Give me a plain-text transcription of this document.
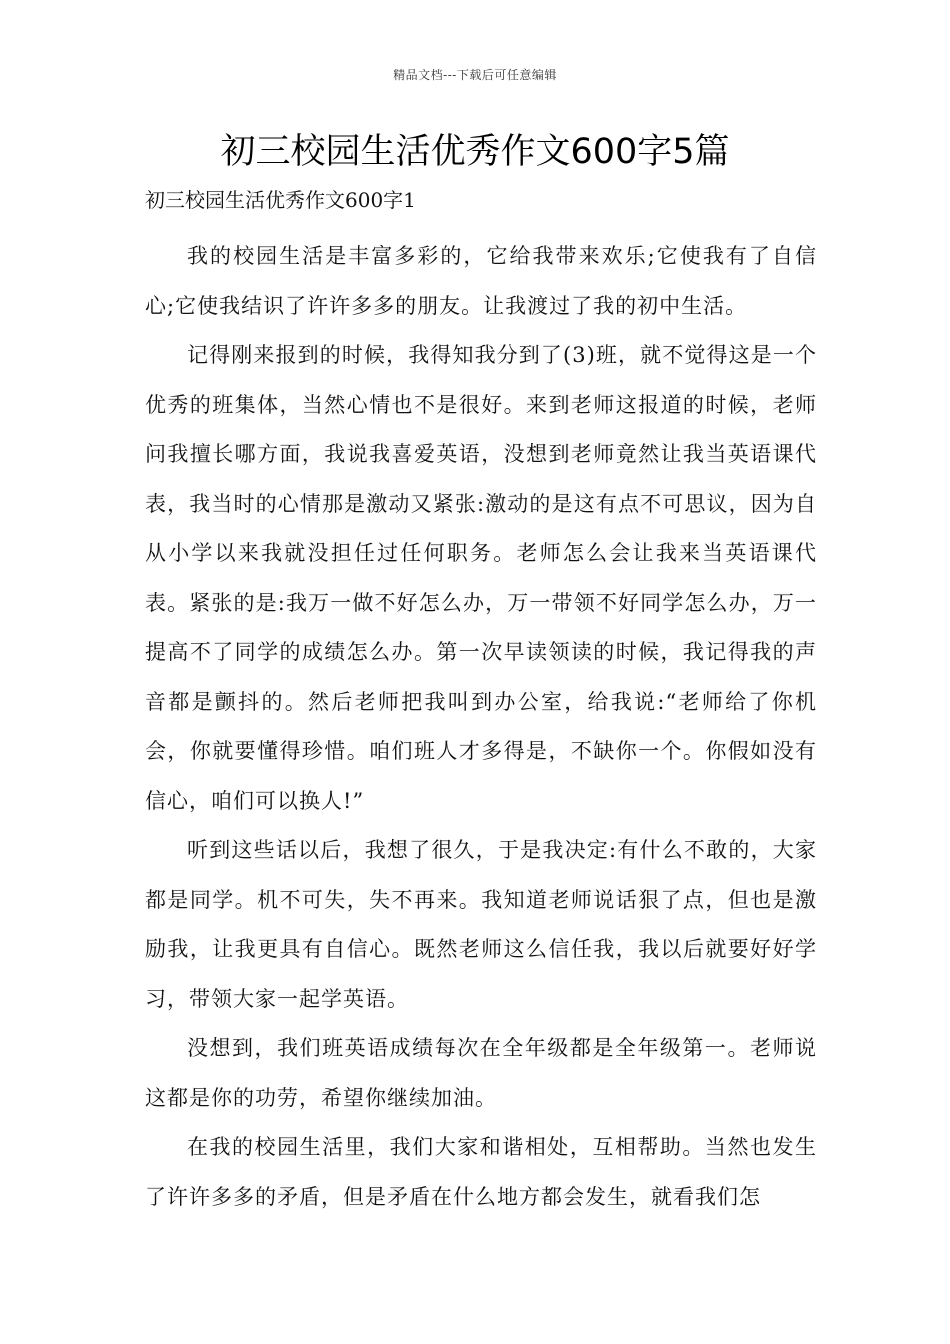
精品文档---下载后可任意编辑
初三校园生活优秀作文600字5篇
初三校园生活优秀作文600字1

我的校园生活是丰富多彩的，它给我带来欢乐;它使我有了自信心;它使我结识了许许多多的朋友。让我渡过了我的初中生活。

记得刚来报到的时候，我得知我分到了(3)班，就不觉得这是一个优秀的班集体，当然心情也不是很好。来到老师这报道的时候，老师问我擅长哪方面，我说我喜爱英语，没想到老师竟然让我当英语课代表，我当时的心情那是激动又紧张:激动的是这有点不可思议，因为自从小学以来我就没担任过任何职务。老师怎么会让我来当英语课代表。紧张的是:我万一做不好怎么办，万一带领不好同学怎么办，万一提高不了同学的成绩怎么办。第一次早读领读的时候，我记得我的声音都是颤抖的。然后老师把我叫到办公室，给我说:“老师给了你机会，你就要懂得珍惜。咱们班人才多得是，不缺你一个。你假如没有信心，咱们可以换人!”

听到这些话以后，我想了很久，于是我决定:有什么不敢的，大家都是同学。机不可失，失不再来。我知道老师说话狠了点，但也是激励我，让我更具有自信心。既然老师这么信任我，我以后就要好好学习，带领大家一起学英语。

没想到，我们班英语成绩每次在全年级都是全年级第一。老师说这都是你的功劳，希望你继续加油。

在我的校园生活里，我们大家和谐相处，互相帮助。当然也发生了许许多多的矛盾，但是矛盾在什么地方都会发生，就看我们怎
